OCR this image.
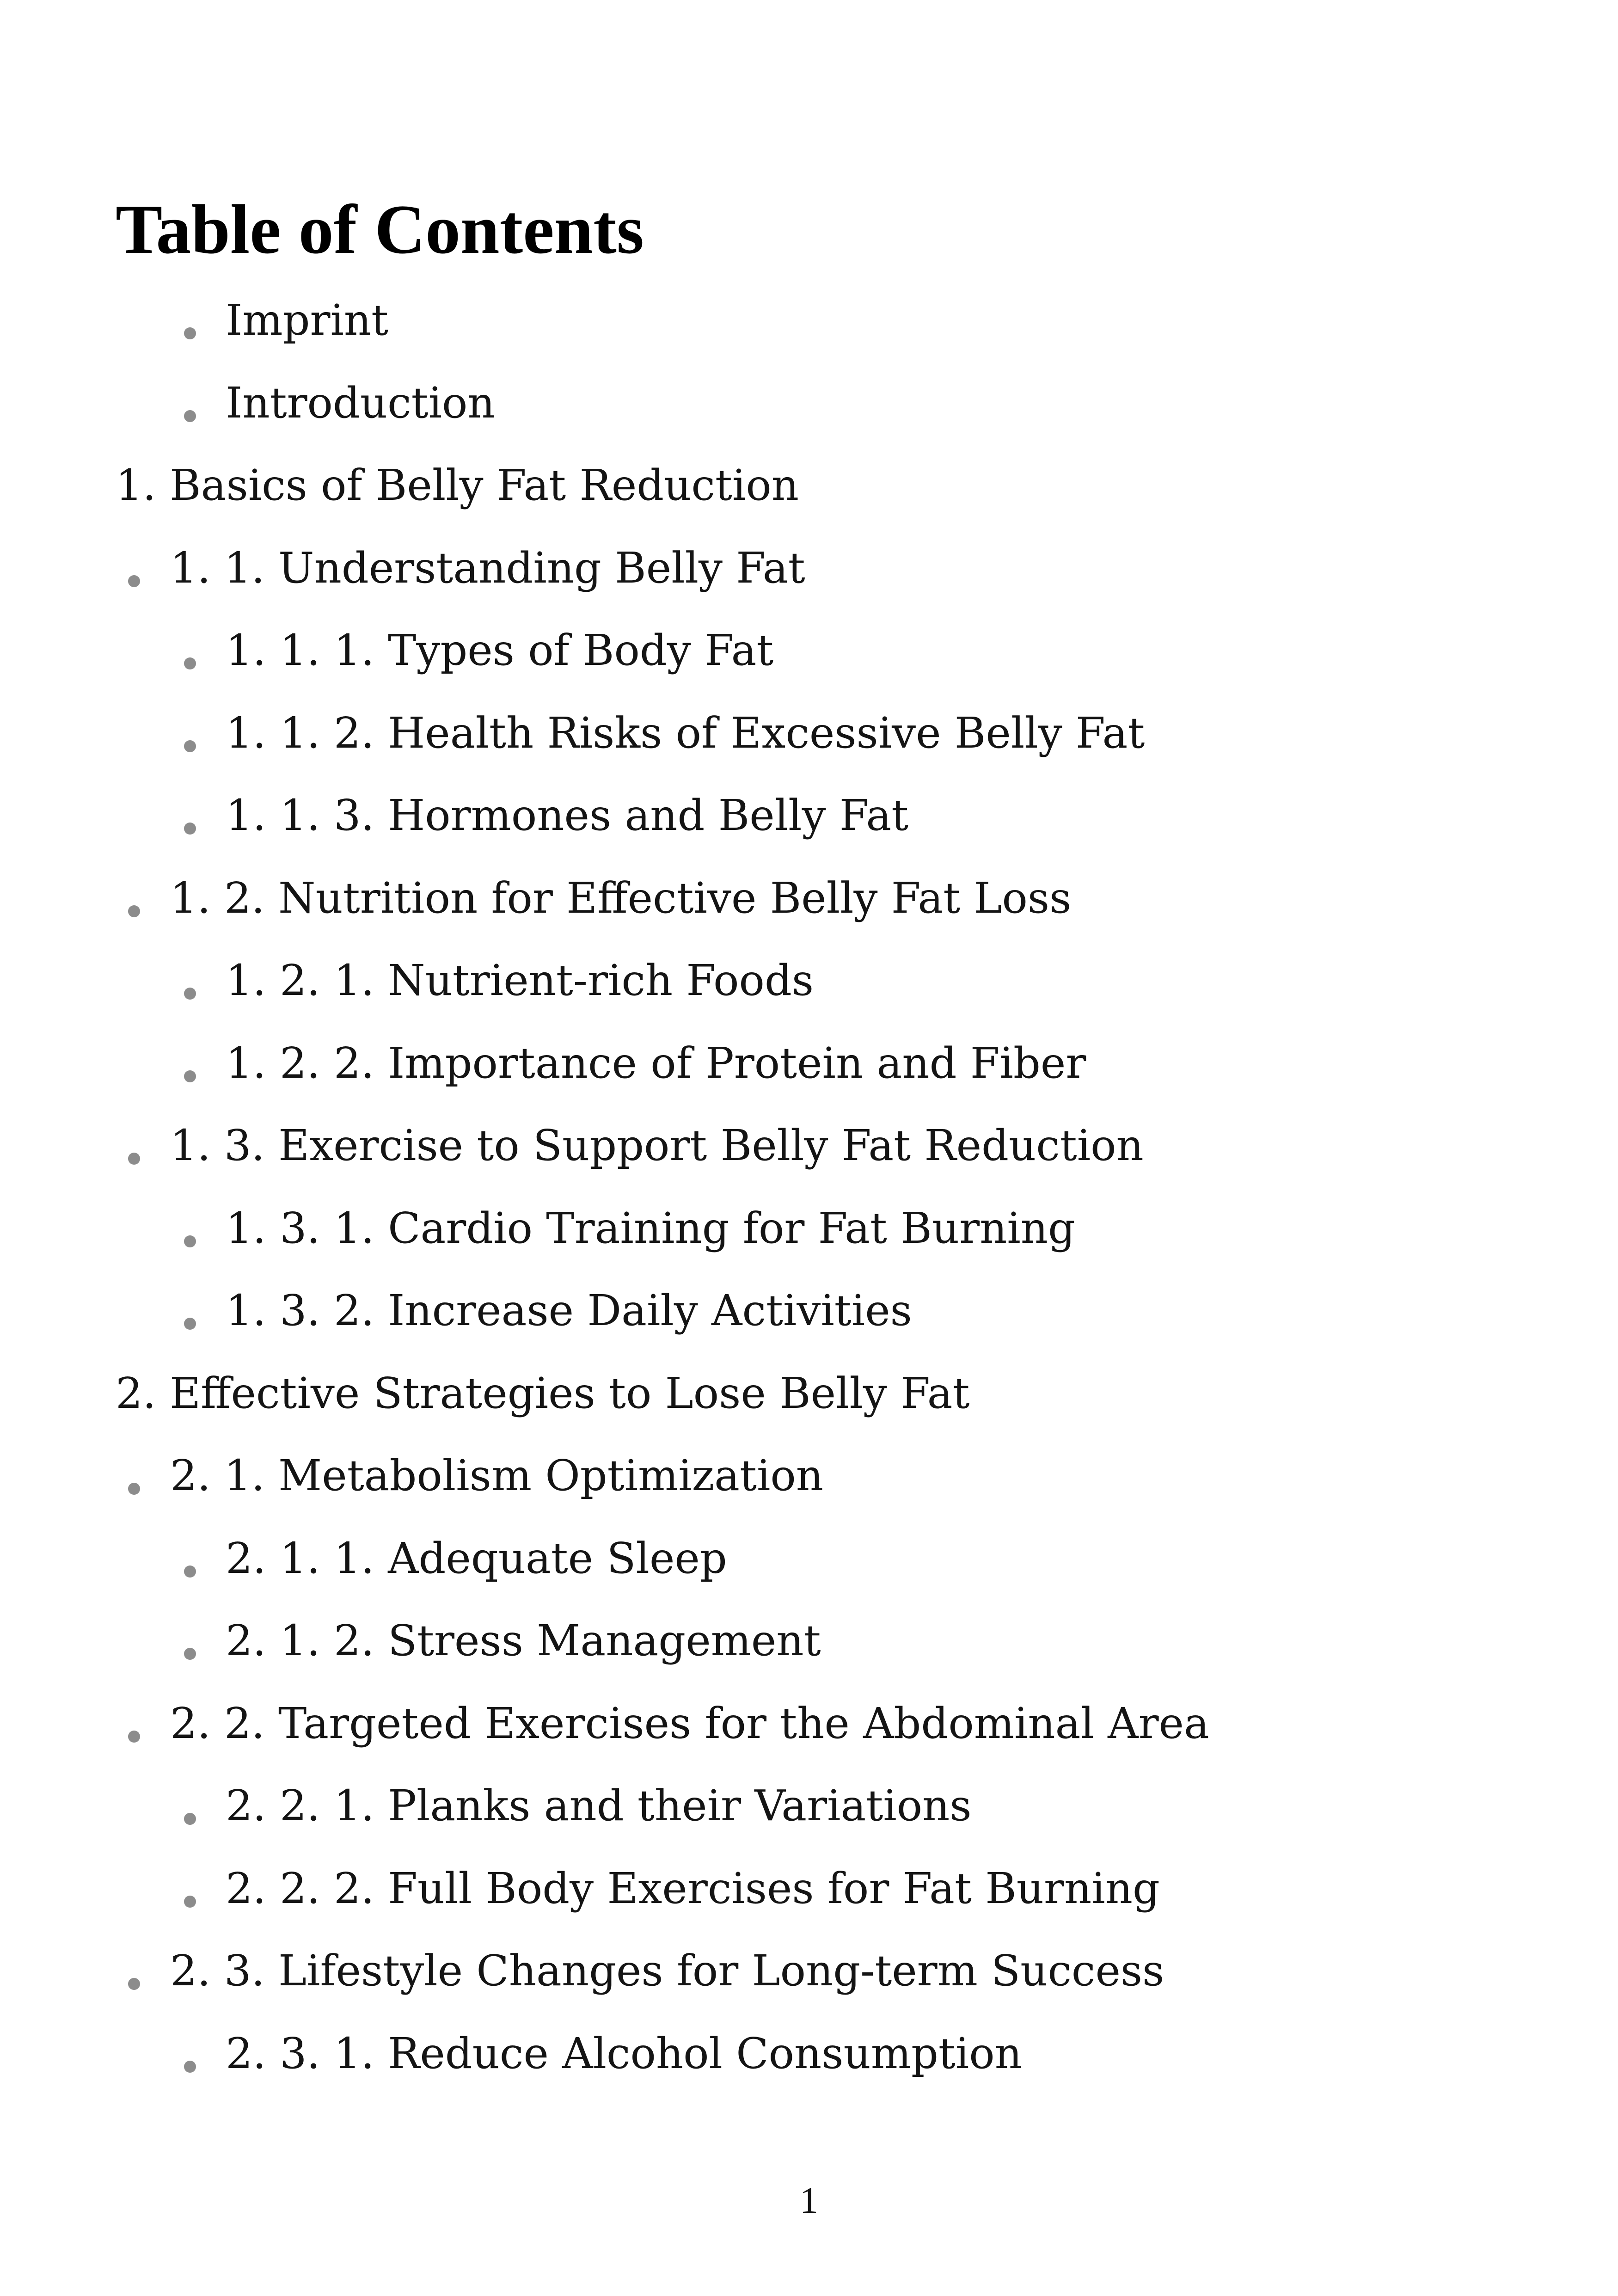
Table of Contents
Imprint
Introduction
1. Basics of Belly Fat Reduction
1. 1. Understanding Belly Fat
1. 1. 1. Types of Body Fat
1. 1. 2. Health Risks of Excessive Belly Fat
1. 1. 3. Hormones and Belly Fat
1. 2. Nutrition for Effective Belly Fat Loss
1. 2. 1. Nutrient-rich Foods
1. 2. 2. Importance of Protein and Fiber
1. 3. Exercise to Support Belly Fat Reduction
1. 3. 1. Cardio Training for Fat Burning
1. 3. 2. Increase Daily Activities
2. Effective Strategies to Lose Belly Fat
2. 1. Metabolism Optimization
2. 1. 1. Adequate Sleep
2. 1. 2. Stress Management
2. 2. Targeted Exercises for the Abdominal Area
2. 2. 1. Planks and their Variations
2. 2. 2. Full Body Exercises for Fat Burning
2. 3. Lifestyle Changes for Long-term Success
2. 3. 1. Reduce Alcohol Consumption
1
